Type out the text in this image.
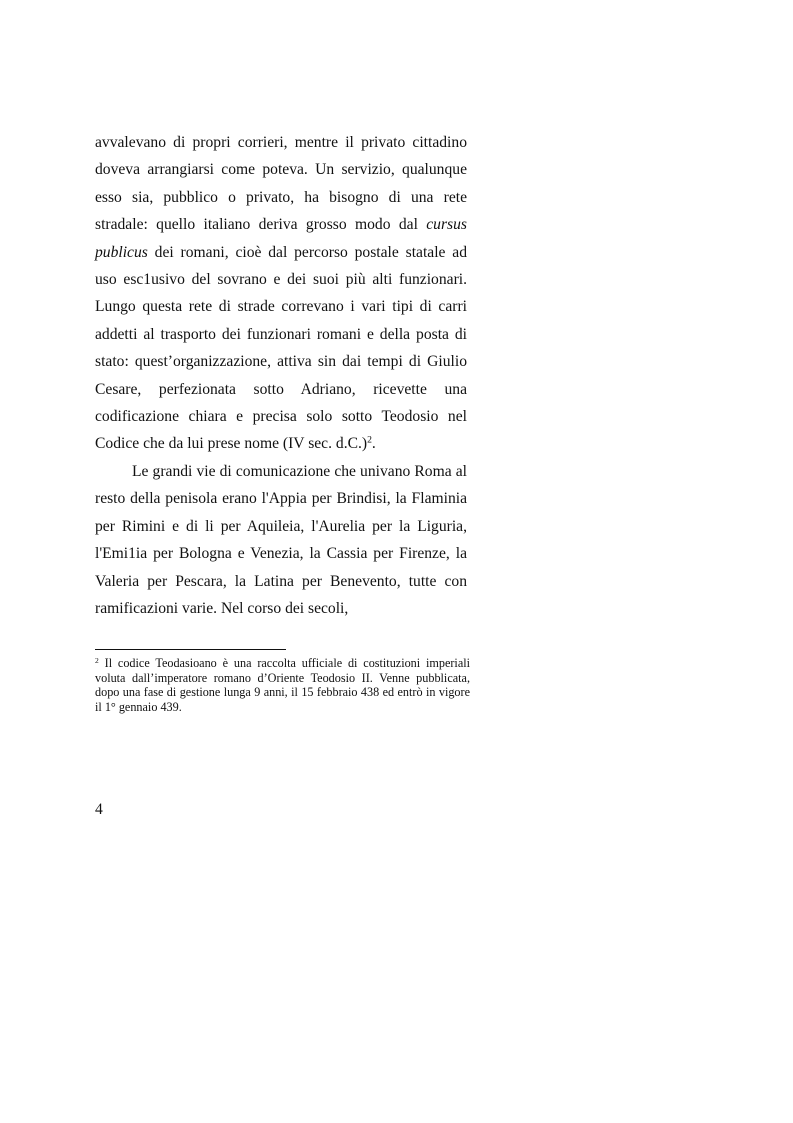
avvalevano di propri corrieri, mentre il privato cittadino doveva arrangiarsi come poteva. Un servizio, qualunque esso sia, pubblico o privato, ha bisogno di una rete stradale: quello italiano deriva grosso modo dal cursus publicus dei romani, cioè dal percorso postale statale ad uso esc1usivo del sovrano e dei suoi più alti funzionari. Lungo questa rete di strade correvano i vari tipi di carri addetti al trasporto dei funzionari romani e della posta di stato: quest’organizzazione, attiva sin dai tempi di Giulio Cesare, perfezionata sotto Adriano, ricevette una codificazione chiara e precisa solo sotto Teodosio nel Codice che da lui prese nome (IV sec. d.C.)$^2$.

Le grandi vie di comunicazione che univano Roma al resto della penisola erano l'Appia per Brindisi, la Flaminia per Rimini e di li per Aquileia, l'Aurelia per la Liguria, l'Emi1ia per Bologna e Venezia, la Cassia per Firenze, la Valeria per Pescara, la Latina per Benevento, tutte con ramificazioni varie. Nel corso dei secoli,

$^2$ Il codice Teodasioano è una raccolta ufficiale di costituzioni imperiali voluta dall’imperatore romano d’Oriente Teodosio II. Venne pubblicata, dopo una fase di gestione lunga 9 anni, il 15 febbraio 438 ed entrò in vigore il 1° gennaio 439.

4
